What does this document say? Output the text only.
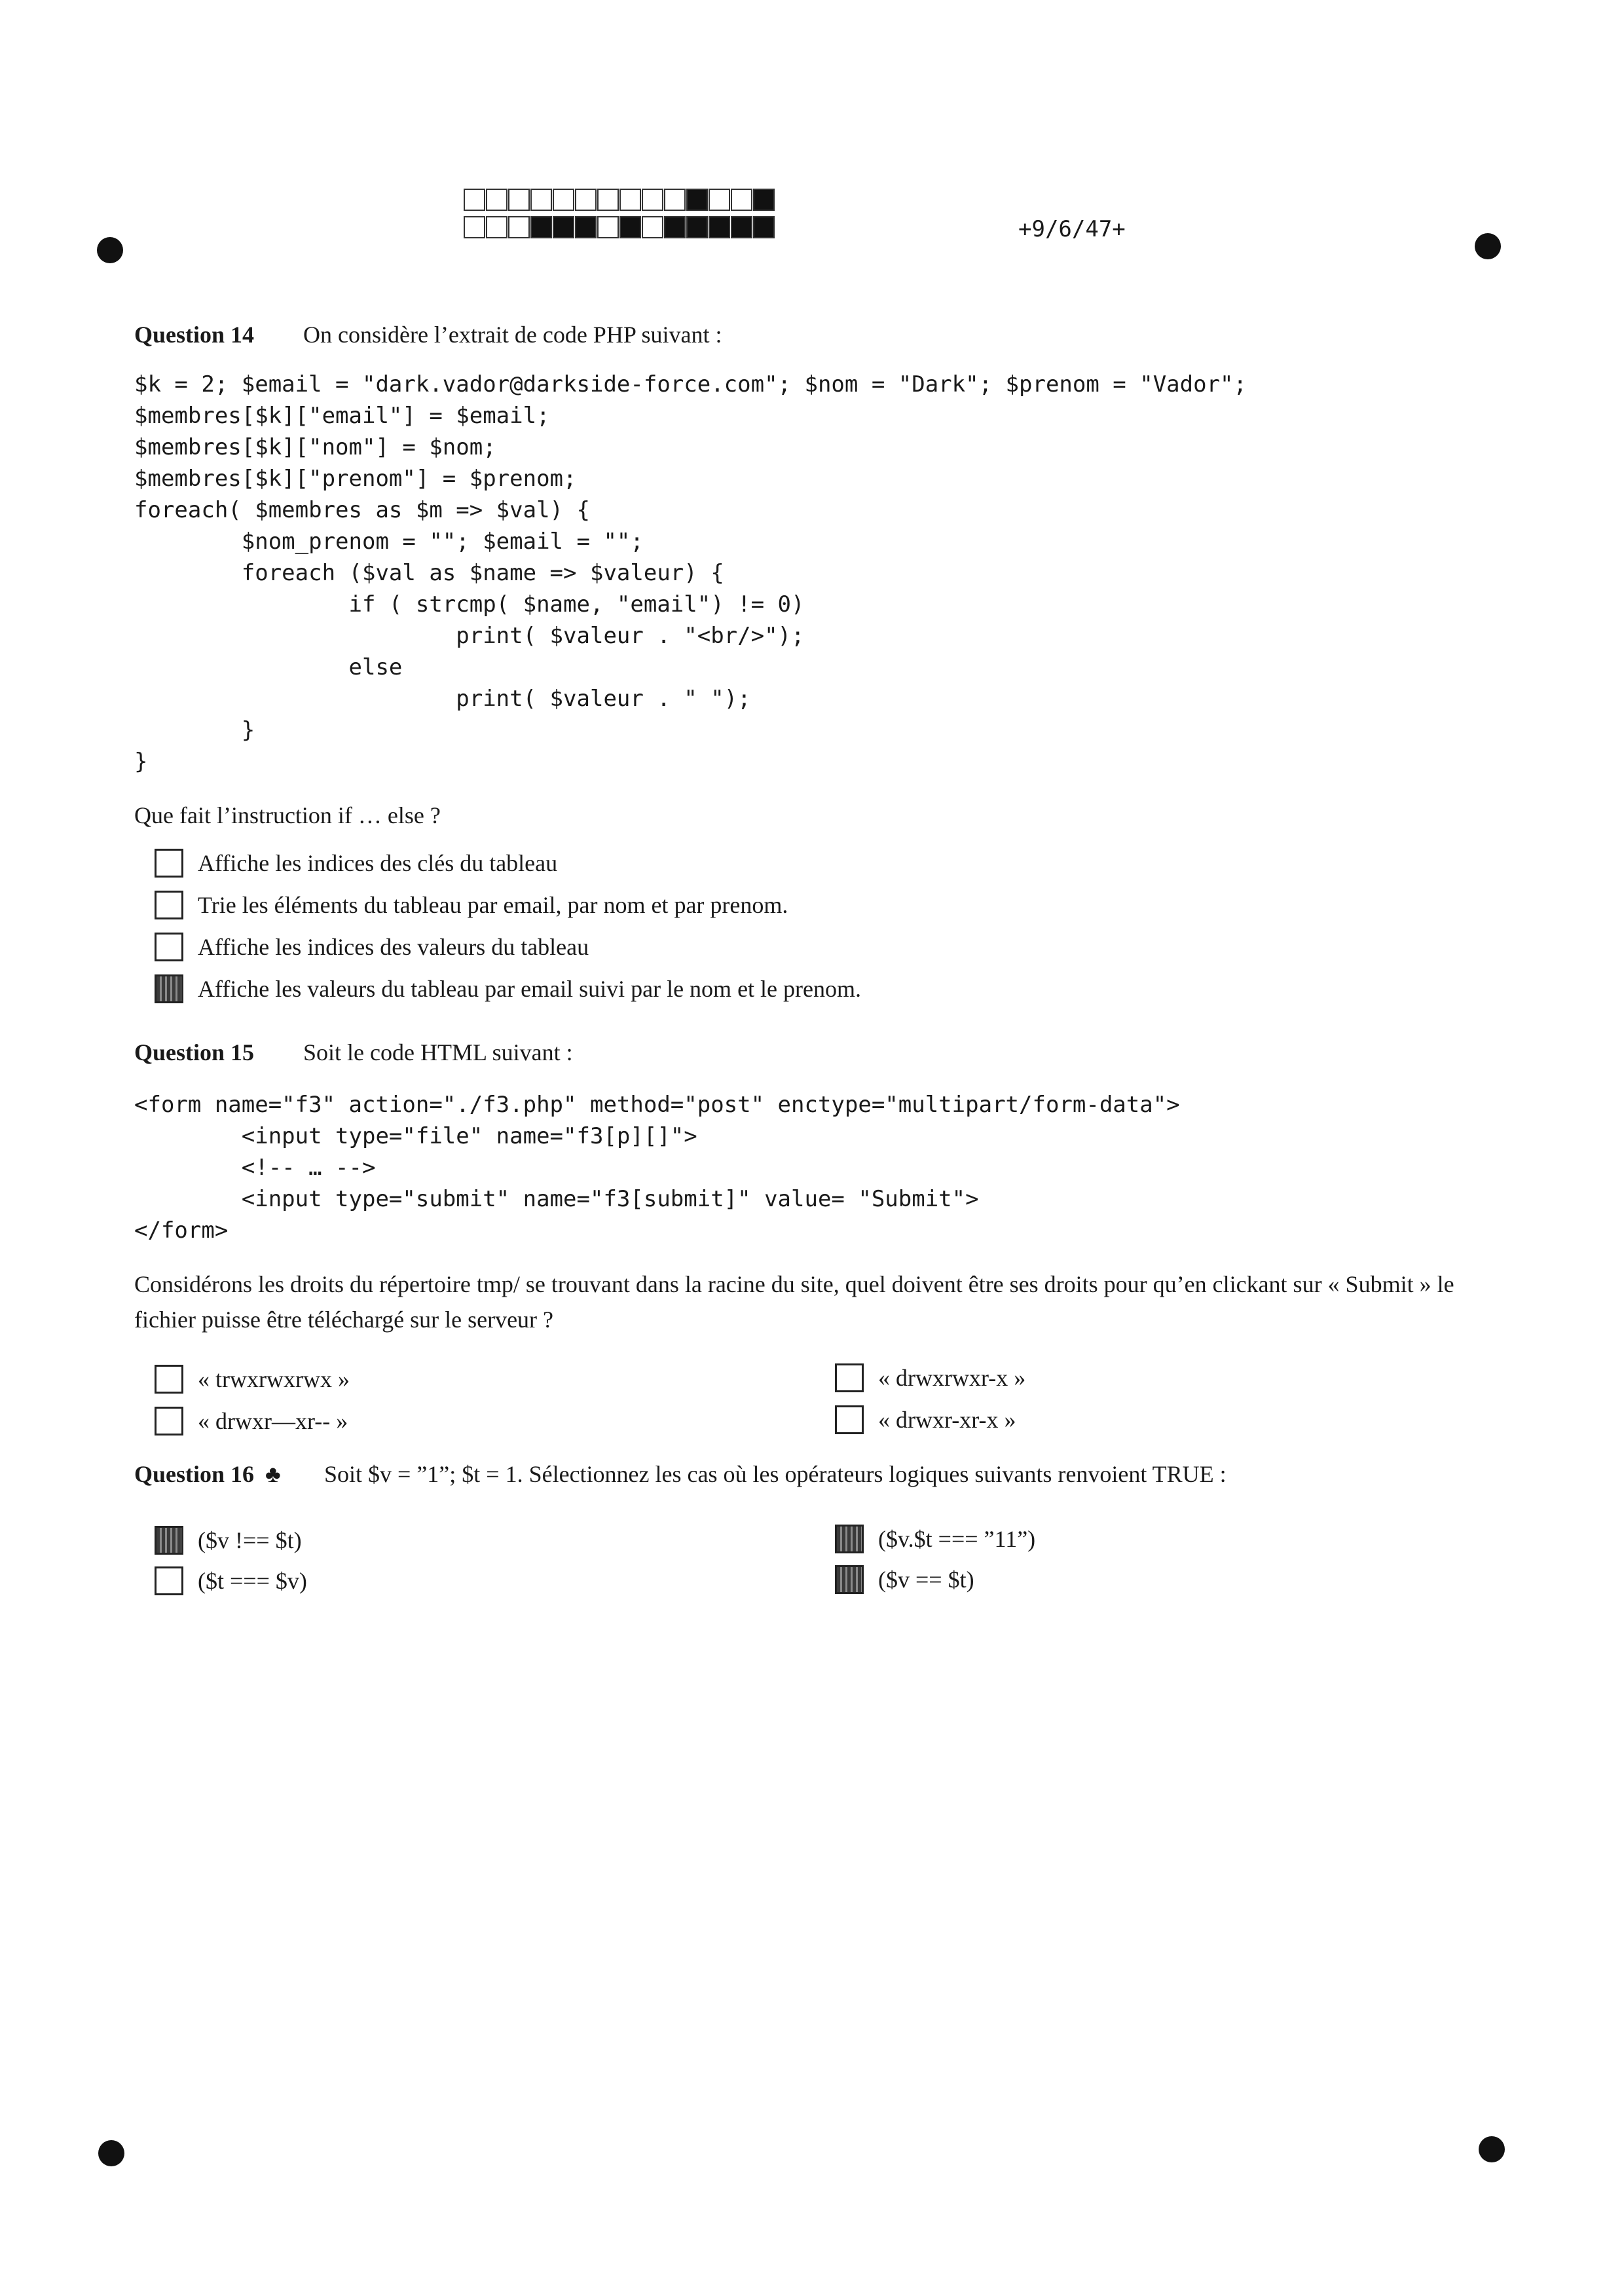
+9/6/47+
Question 14 On considère l’extrait de code PHP suivant :
$k = 2; $email = "dark.vador@darkside-force.com"; $nom = "Dark"; $prenom = "Vador";
$membres[$k]["email"] = $email;
$membres[$k]["nom"] = $nom;
$membres[$k]["prenom"] = $prenom;
foreach( $membres as $m => $val) {
$nom_prenom = ""; $email = "";
foreach ($val as $name => $valeur) {
if ( strcmp( $name, "email") != 0)
print( $valeur . "<br/>");
else
print( $valeur . " ");
}
}
Que fait l’instruction if … else ?
Affiche les indices des clés du tableau
Trie les éléments du tableau par email, par nom et par prenom.
Affiche les indices des valeurs du tableau
Affiche les valeurs du tableau par email suivi par le nom et le prenom.
Question 15 Soit le code HTML suivant :
<form name="f3" action="./f3.php" method="post" enctype="multipart/form-data">
<input type="file" name="f3[p][]">
<!-- … -->
<input type="submit" name="f3[submit]" value= "Submit">
</form>
Considérons les droits du répertoire tmp/ se trouvant dans la racine du site, quel doivent être ses droits pour qu’en clickant sur « Submit » le fichier puisse être téléchargé sur le serveur ?
« trwxrwxrwx »	« drwxrwxr-x »
« drwxr—xr-- »	« drwxr-xr-x »
Question 16 ♣ Soit $v = ”1”; $t = 1. Sélectionnez les cas où les opérateurs logiques suivants renvoient TRUE :
($v !== $t)	($v.$t === ”11”)
($t === $v)	($v == $t)
